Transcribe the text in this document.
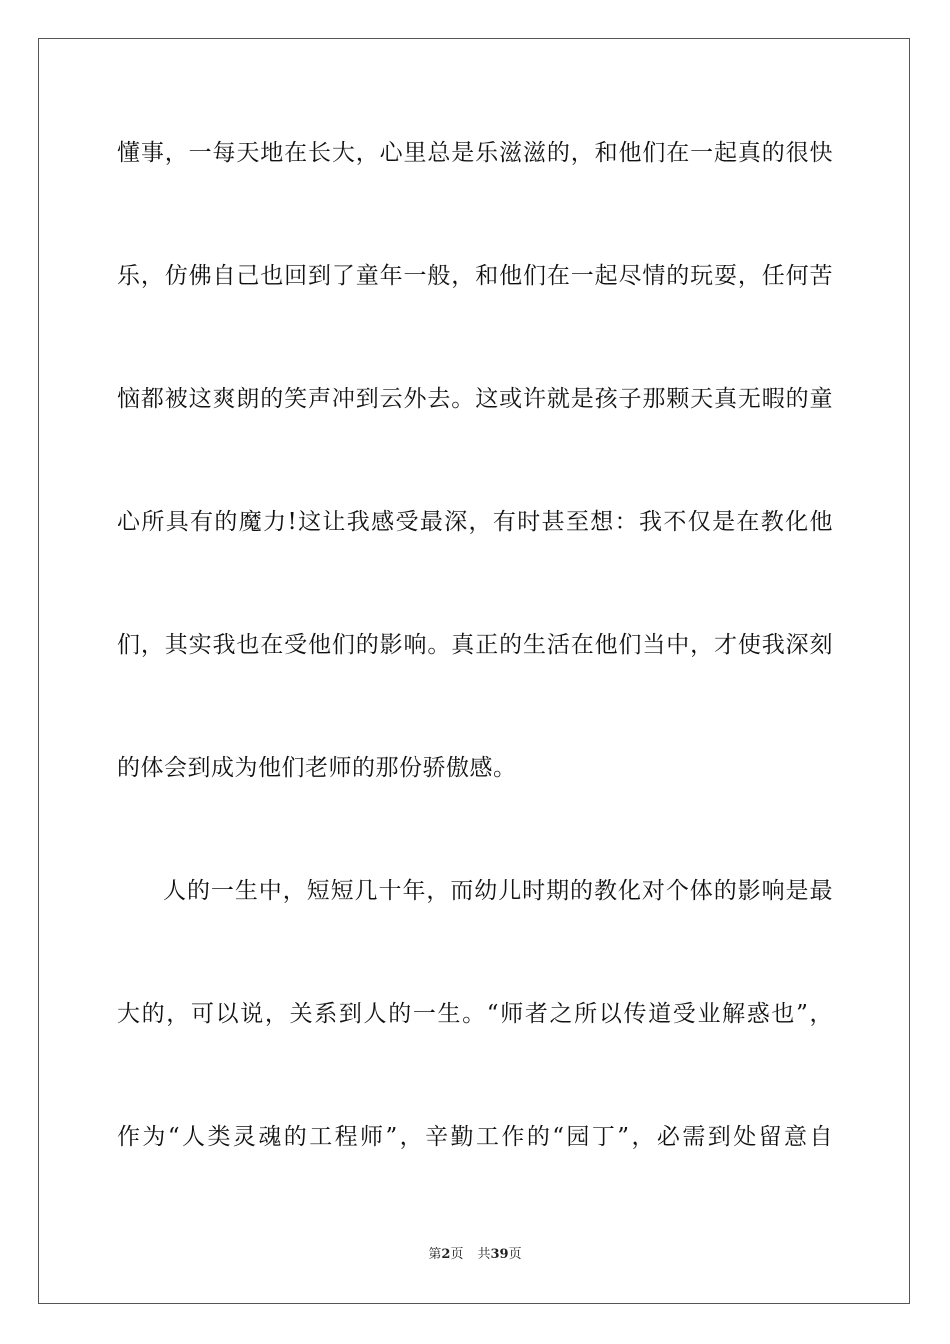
懂事，一每天地在长大，心里总是乐滋滋的，和他们在一起真的很快
乐，仿佛自己也回到了童年一般，和他们在一起尽情的玩耍，任何苦
恼都被这爽朗的笑声冲到云外去。这或许就是孩子那颗天真无暇的童
心所具有的魔力!这让我感受最深，有时甚至想：我不仅是在教化他
们，其实我也在受他们的影响。真正的生活在他们当中，才使我深刻
的体会到成为他们老师的那份骄傲感。
人的一生中，短短几十年，而幼儿时期的教化对个体的影响是最
大的，可以说，关系到人的一生。“师者之所以传道受业解惑也”，
作为“人类灵魂的工程师”，辛勤工作的“园丁”，必需到处留意自
第2页 共39页
